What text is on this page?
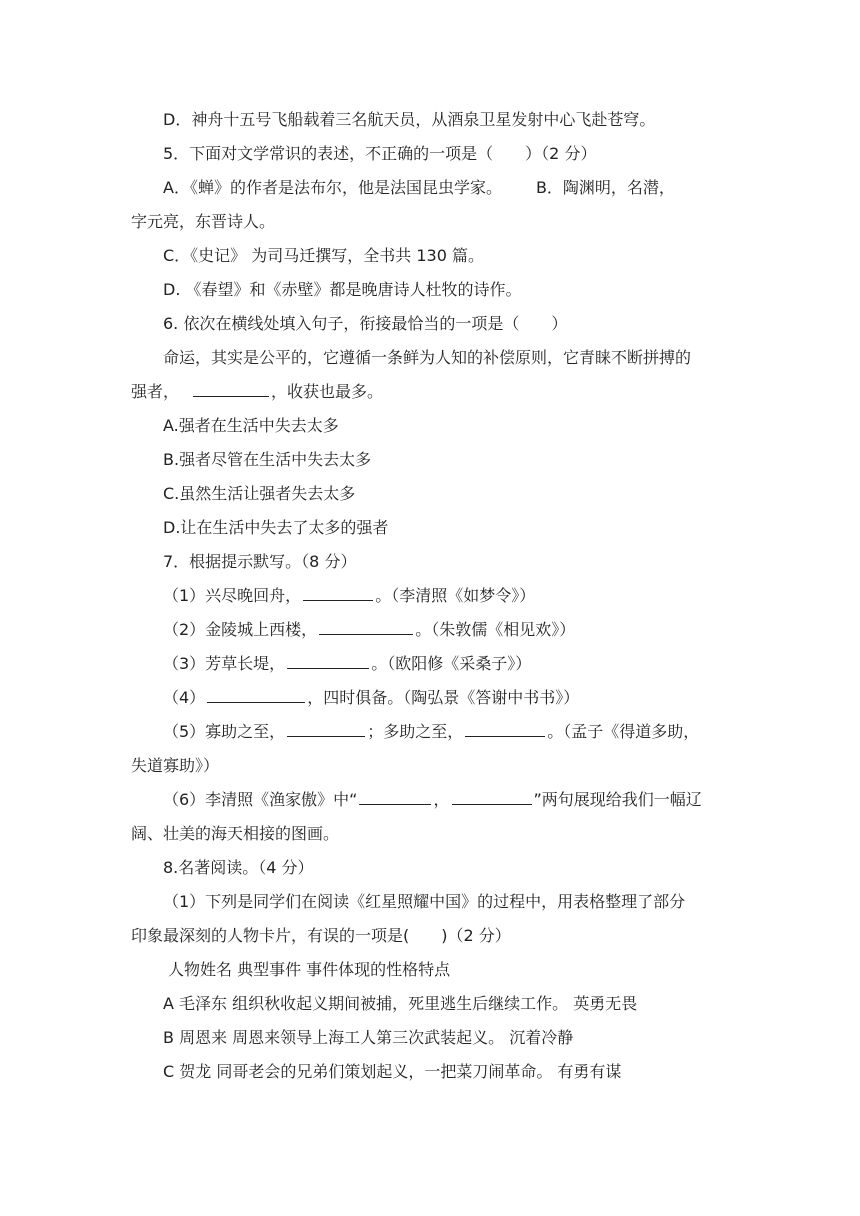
D．神舟十五号飞船载着三名航天员，从酒泉卫星发射中心飞赴苍穹。
5．下面对文学常识的表述，不正确的一项是（　　）（2 分）
A．《蝉》的作者是法布尔，他是法国昆虫学家。 B．陶渊明，名潜，
字元亮，东晋诗人。
C．《史记》 为司马迁撰写，全书共 130 篇。
D. 《春望》和《赤壁》都是晚唐诗人杜牧的诗作。
6. 依次在横线处填入句子，衔接最恰当的一项是（　　）
命运，其实是公平的，它遵循一条鲜为人知的补偿原则，它青睐不断拼搏的
强者，	，收获也最多。
A.强者在生活中失去太多
B.强者尽管在生活中失去太多
C.虽然生活让强者失去太多
D.让在生活中失去了太多的强者
7．根据提示默写。（8 分）
（1）兴尽晚回舟，	。（李清照《如梦令》）
（2）金陵城上西楼，	。（朱敦儒《相见欢》）
（3）芳草长堤，	。（欧阳修《采桑子》）
（4）	，四时俱备。（陶弘景《答谢中书书》）
（5）寡助之至，	；多助之至，	。（孟子《得道多助，
失道寡助》）
（6）李清照《渔家傲》中“	，	”两句展现给我们一幅辽
阔、壮美的海天相接的图画。
8.名著阅读。（4 分）
（1）下列是同学们在阅读《红星照耀中国》的过程中，用表格整理了部分
印象最深刻的人物卡片，有误的一项是(　　)（2 分）
人物姓名 典型事件 事件体现的性格特点
A 毛泽东 组织秋收起义期间被捕，死里逃生后继续工作。 英勇无畏
B 周恩来 周恩来领导上海工人第三次武装起义。 沉着冷静
C 贺龙 同哥老会的兄弟们策划起义，一把菜刀闹革命。 有勇有谋
